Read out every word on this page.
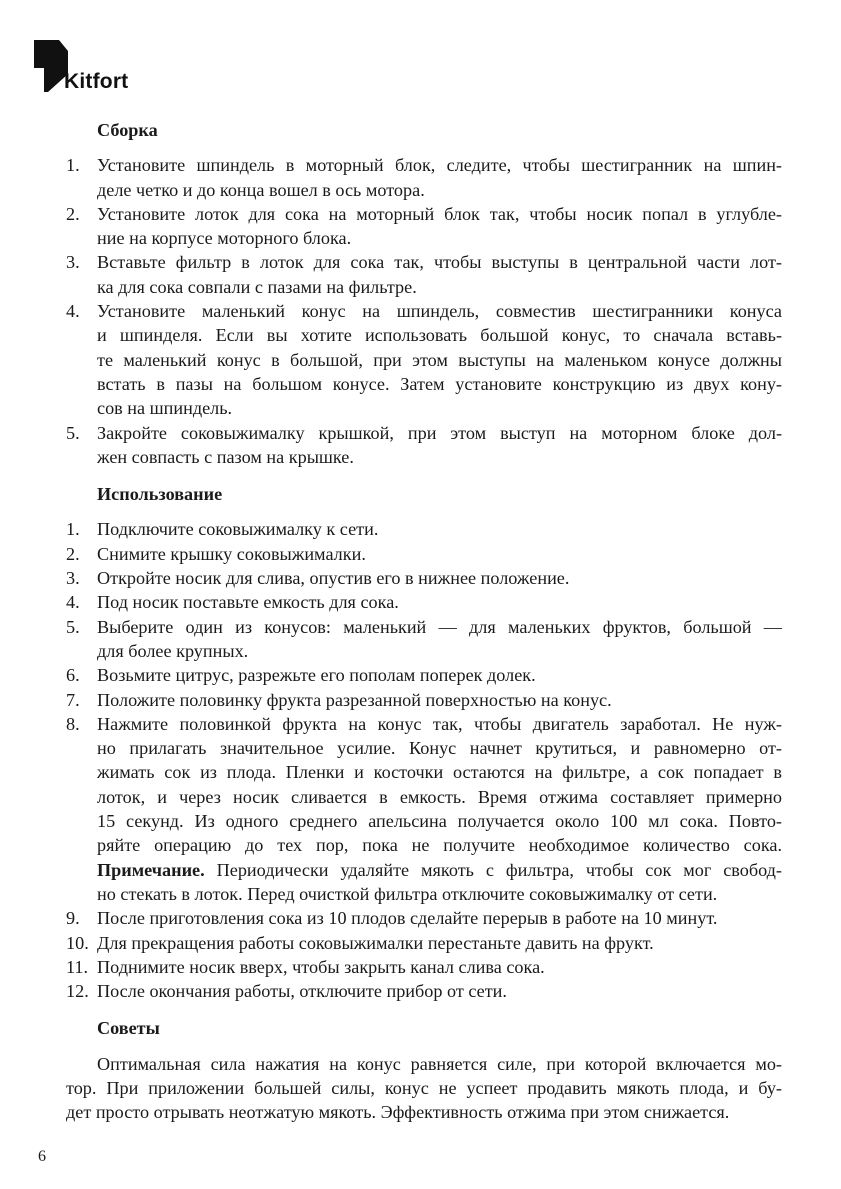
Kitfort
Сборка
1. Установите шпиндель в моторный блок, следите, чтобы шестигранник на шпин-
деле четко и до конца вошел в ось мотора.
2. Установите лоток для сока на моторный блок так, чтобы носик попал в углубле-
ние на корпусе моторного блока.
3. Вставьте фильтр в лоток для сока так, чтобы выступы в центральной части лот-
ка для сока совпали с пазами на фильтре.
4. Установите маленький конус на шпиндель, совместив шестигранники конуса
и шпинделя. Если вы хотите использовать большой конус, то сначала вставь-
те маленький конус в большой, при этом выступы на маленьком конусе должны
встать в пазы на большом конусе. Затем установите конструкцию из двух кону-
сов на шпиндель.
5. Закройте соковыжималку крышкой, при этом выступ на моторном блоке дол-
жен совпасть с пазом на крышке.
Использование
1. Подключите соковыжималку к сети.
2. Снимите крышку соковыжималки.
3. Откройте носик для слива, опустив его в нижнее положение.
4. Под носик поставьте емкость для сока.
5. Выберите один из конусов: маленький — для маленьких фруктов, большой —
для более крупных.
6. Возьмите цитрус, разрежьте его пополам поперек долек.
7. Положите половинку фрукта разрезанной поверхностью на конус.
8. Нажмите половинкой фрукта на конус так, чтобы двигатель заработал. Не нуж-
но прилагать значительное усилие. Конус начнет крутиться, и равномерно от-
жимать сок из плода. Пленки и косточки остаются на фильтре, а сок попадает в
лоток, и через носик сливается в емкость. Время отжима составляет примерно
15 секунд. Из одного среднего апельсина получается около 100 мл сока. Повто-
ряйте операцию до тех пор, пока не получите необходимое количество сока.
Примечание. Периодически удаляйте мякоть с фильтра, чтобы сок мог свобод-
но стекать в лоток. Перед очисткой фильтра отключите соковыжималку от сети.
9. После приготовления сока из 10 плодов сделайте перерыв в работе на 10 минут.
10. Для прекращения работы соковыжималки перестаньте давить на фрукт.
11. Поднимите носик вверх, чтобы закрыть канал слива сока.
12. После окончания работы, отключите прибор от сети.
Советы

Оптимальная сила нажатия на конус равняется силе, при которой включается мо-
тор. При приложении большей силы, конус не успеет продавить мякоть плода, и бу-
дет просто отрывать неотжатую мякоть. Эффективность отжима при этом снижается.

6
